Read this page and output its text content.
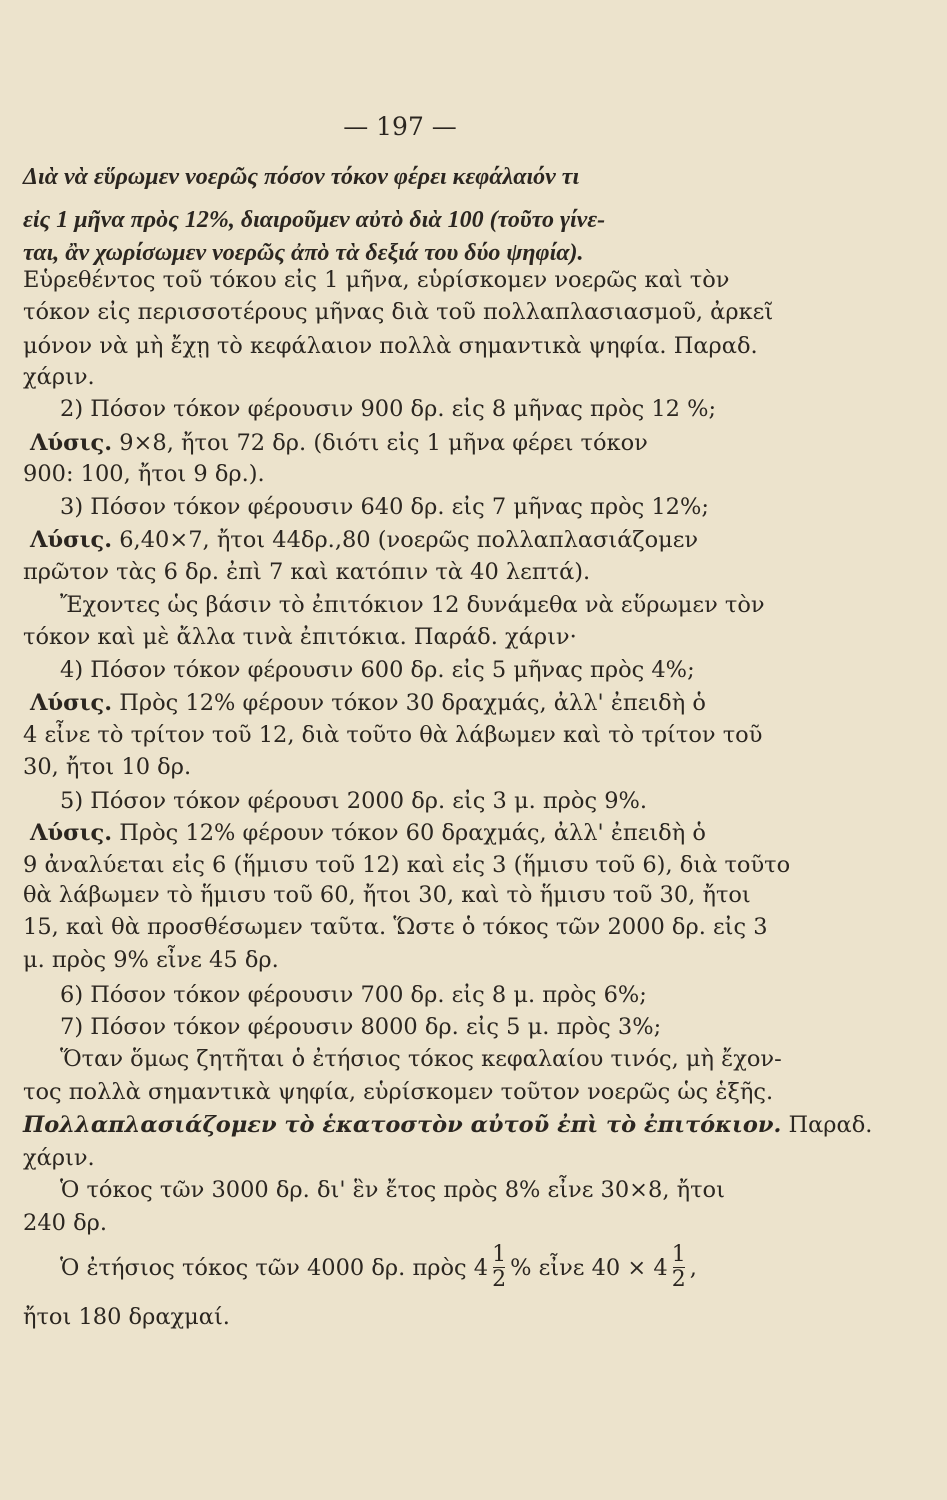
— 197 —
Διὰ νὰ εὕρωμεν νοερῶς πόσον τόκον φέρει κεφάλαιόν τι
εἰς 1 μῆνα πρὸς 12%, διαιροῦμεν αὐτὸ διὰ 100 (τοῦτο γίνε-
ται, ἂν χωρίσωμεν νοερῶς ἀπὸ τὰ δεξιά του δύο ψηφία).
Εὑρεθέντος τοῦ τόκου εἰς 1 μῆνα, εὑρίσκομεν νοερῶς καὶ τὸν
τόκον εἰς περισσοτέρους μῆνας διὰ τοῦ πολλαπλασιασμοῦ, ἀρκεῖ
μόνον νὰ μὴ ἔχῃ τὸ κεφάλαιον πολλὰ σημαντικὰ ψηφία. Παραδ.
χάριν.
2) Πόσον τόκον φέρουσιν 900 δρ. εἰς 8 μῆνας πρὸς 12 %;
Λύσις. 9×8, ἤτοι 72 δρ. (διότι εἰς 1 μῆνα φέρει τόκον
900: 100, ἤτοι 9 δρ.).
3) Πόσον τόκον φέρουσιν 640 δρ. εἰς 7 μῆνας πρὸς 12%;
Λύσις. 6,40×7, ἤτοι 44δρ.,80 (νοερῶς πολλαπλασιάζομεν
πρῶτον τὰς 6 δρ. ἐπὶ 7 καὶ κατόπιν τὰ 40 λεπτά).
Ἔχοντες ὡς βάσιν τὸ ἐπιτόκιον 12 δυνάμεθα νὰ εὕρωμεν τὸν
τόκον καὶ μὲ ἄλλα τινὰ ἐπιτόκια. Παράδ. χάριν·
4) Πόσον τόκον φέρουσιν 600 δρ. εἰς 5 μῆνας πρὸς 4%;
Λύσις. Πρὸς 12% φέρουν τόκον 30 δραχμάς, ἀλλ' ἐπειδὴ ὁ
4 εἶνε τὸ τρίτον τοῦ 12, διὰ τοῦτο θὰ λάβωμεν καὶ τὸ τρίτον τοῦ
30, ἤτοι 10 δρ.
5) Πόσον τόκον φέρουσι 2000 δρ. εἰς 3 μ. πρὸς 9%.
Λύσις. Πρὸς 12% φέρουν τόκον 60 δραχμάς, ἀλλ' ἐπειδὴ ὁ
9 ἀναλύεται εἰς 6 (ἥμισυ τοῦ 12) καὶ εἰς 3 (ἥμισυ τοῦ 6), διὰ τοῦτο
θὰ λάβωμεν τὸ ἥμισυ τοῦ 60, ἤτοι 30, καὶ τὸ ἥμισυ τοῦ 30, ἤτοι
15, καὶ θὰ προσθέσωμεν ταῦτα. Ὥστε ὁ τόκος τῶν 2000 δρ. εἰς 3
μ. πρὸς 9% εἶνε 45 δρ.
6) Πόσον τόκον φέρουσιν 700 δρ. εἰς 8 μ. πρὸς 6%;
7) Πόσον τόκον φέρουσιν 8000 δρ. εἰς 5 μ. πρὸς 3%;
Ὅταν ὅμως ζητῆται ὁ ἐτήσιος τόκος κεφαλαίου τινός, μὴ ἔχον-
τος πολλὰ σημαντικὰ ψηφία, εὑρίσκομεν τοῦτον νοερῶς ὡς ἑξῆς.
Πολλαπλασιάζομεν τὸ ἑκατοστὸν αὐτοῦ ἐπὶ τὸ ἐπιτόκιον. Παραδ.
χάριν.
Ὁ τόκος τῶν 3000 δρ. δι' ἓν ἔτος πρὸς 8% εἶνε 30×8, ἤτοι
240 δρ.
Ὁ ἐτήσιος τόκος τῶν 4000 δρ. πρὸς $4 \frac{1}{2}$ % εἶνε $40 \times 4 \frac{1}{2}$ ,
ἤτοι 180 δραχμαί.
